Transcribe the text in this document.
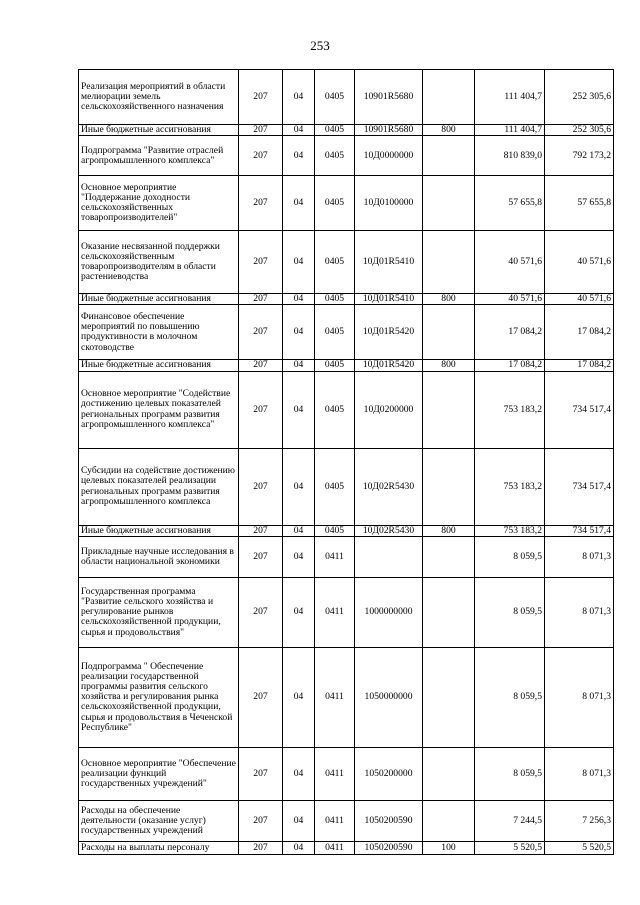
253
Реализация мероприятий в области мелиорации земель сельскохозяйственного назначения	207	04	0405	10901R5680		111 404,7	252 305,6
Иные бюджетные ассигнования	207	04	0405	10901R5680	800	111 404,7	252 305,6
Подпрограмма "Развитие отраслей агропромышленного комплекса"	207	04	0405	10Д0000000		810 839,0	792 173,2
Основное мероприятие "Поддержание доходности сельскохозяйственных товаропроизводителей"	207	04	0405	10Д0100000		57 655,8	57 655,8
Оказание несвязанной поддержки сельскохозяйственным товаропроизводителям в области растениеводства	207	04	0405	10Д01R5410		40 571,6	40 571,6
Иные бюджетные ассигнования	207	04	0405	10Д01R5410	800	40 571,6	40 571,6
Финансовое обеспечение мероприятий по повышению продуктивности в молочном скотоводстве	207	04	0405	10Д01R5420		17 084,2	17 084,2
Иные бюджетные ассигнования	207	04	0405	10Д01R5420	800	17 084,2	17 084,2
Основное мероприятие "Содействие достижению целевых показателей региональных программ развития агропромышленного комплекса"	207	04	0405	10Д0200000		753 183,2	734 517,4
Субсидии на содействие достижению целевых показателей реализации региональных программ развития агропромышленного комплекса	207	04	0405	10Д02R5430		753 183,2	734 517,4
Иные бюджетные ассигнования	207	04	0405	10Д02R5430	800	753 183,2	734 517,4
Прикладные научные исследования в области национальной экономики	207	04	0411			8 059,5	8 071,3
Государственная программа "Развитие сельского хозяйства и регулирование рынков сельскохозяйственной продукции, сырья и продовольствия"	207	04	0411	1000000000		8 059,5	8 071,3
Подпрограмма " Обеспечение реализации государственной программы развития сельского хозяйства и регулирования рынка сельскохозяйственной продукции, сырья и продовольствия в Чеченской Республике"	207	04	0411	1050000000		8 059,5	8 071,3
Основное мероприятие "Обеспечение реализации функций государственных учреждений"	207	04	0411	1050200000		8 059,5	8 071,3
Расходы на обеспечение деятельности (оказание услуг) государственных учреждений	207	04	0411	1050200590		7 244,5	7 256,3
Расходы на выплаты персоналу	207	04	0411	1050200590	100	5 520,5	5 520,5
